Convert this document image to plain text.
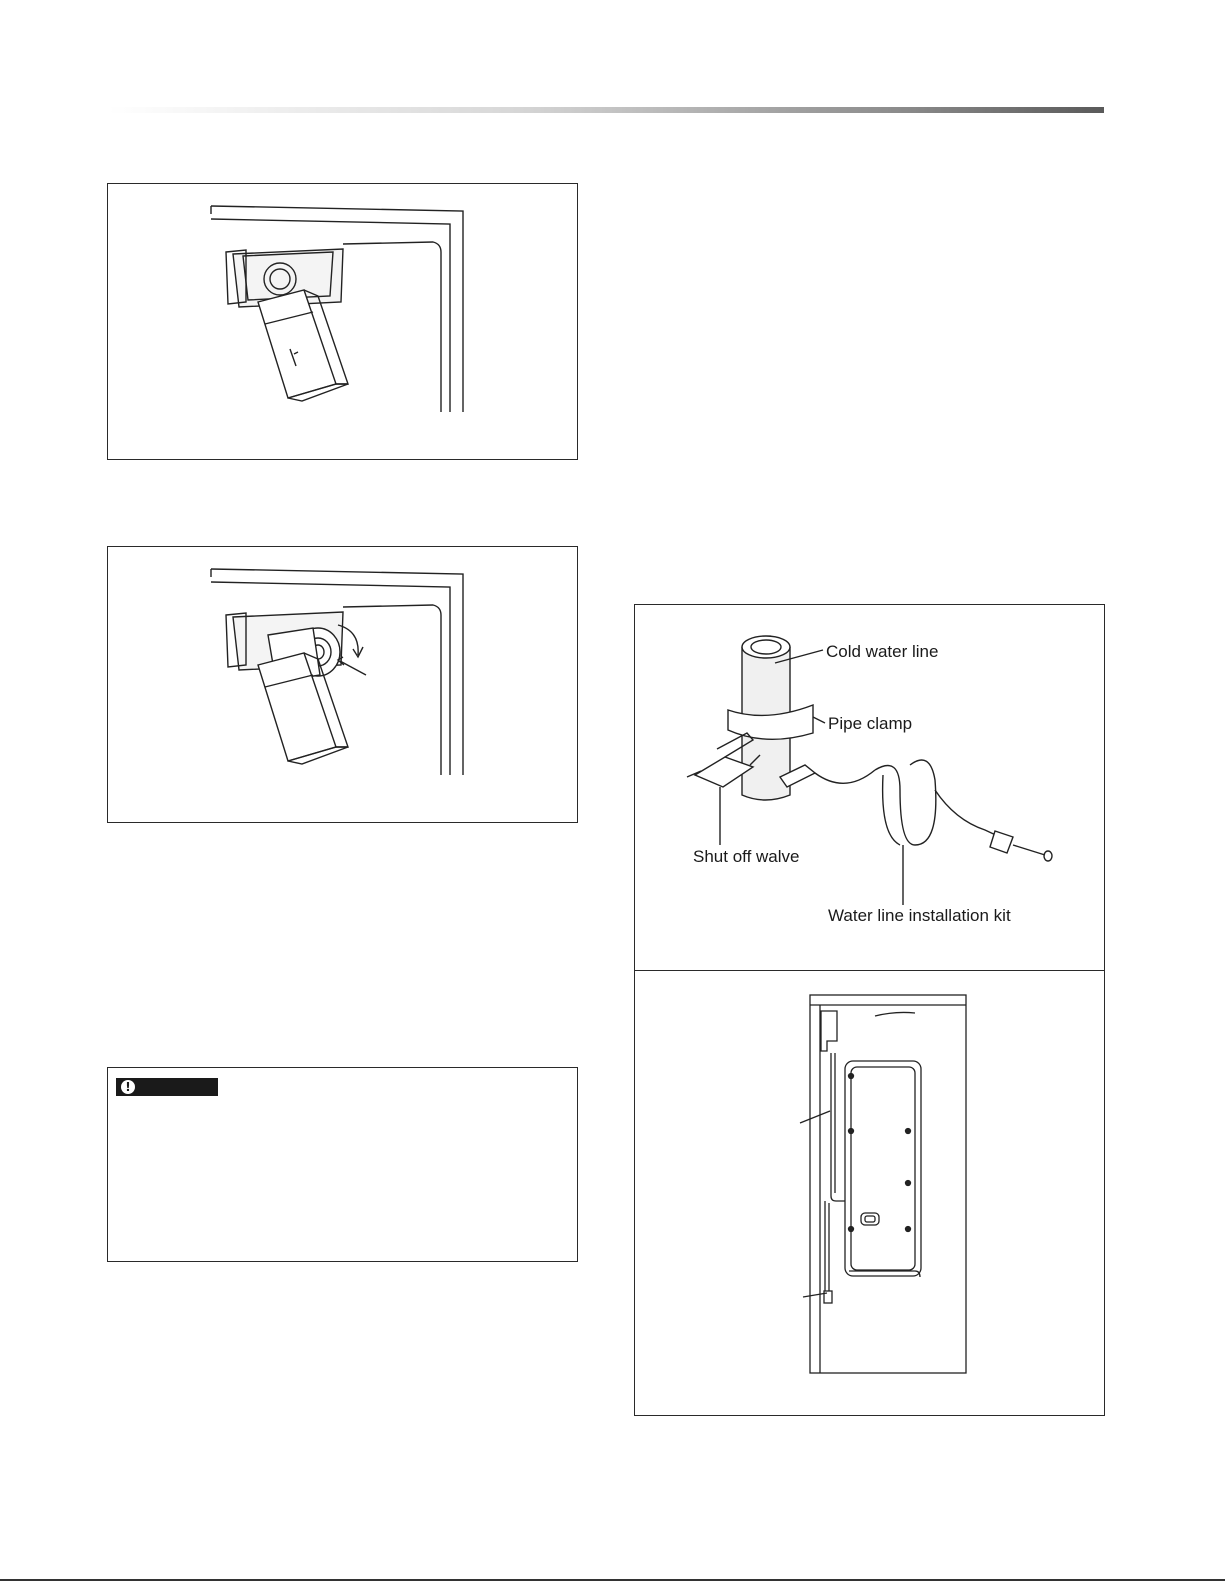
!
Cold water line
Pipe clamp
Shut off walve
Water line installation kit
